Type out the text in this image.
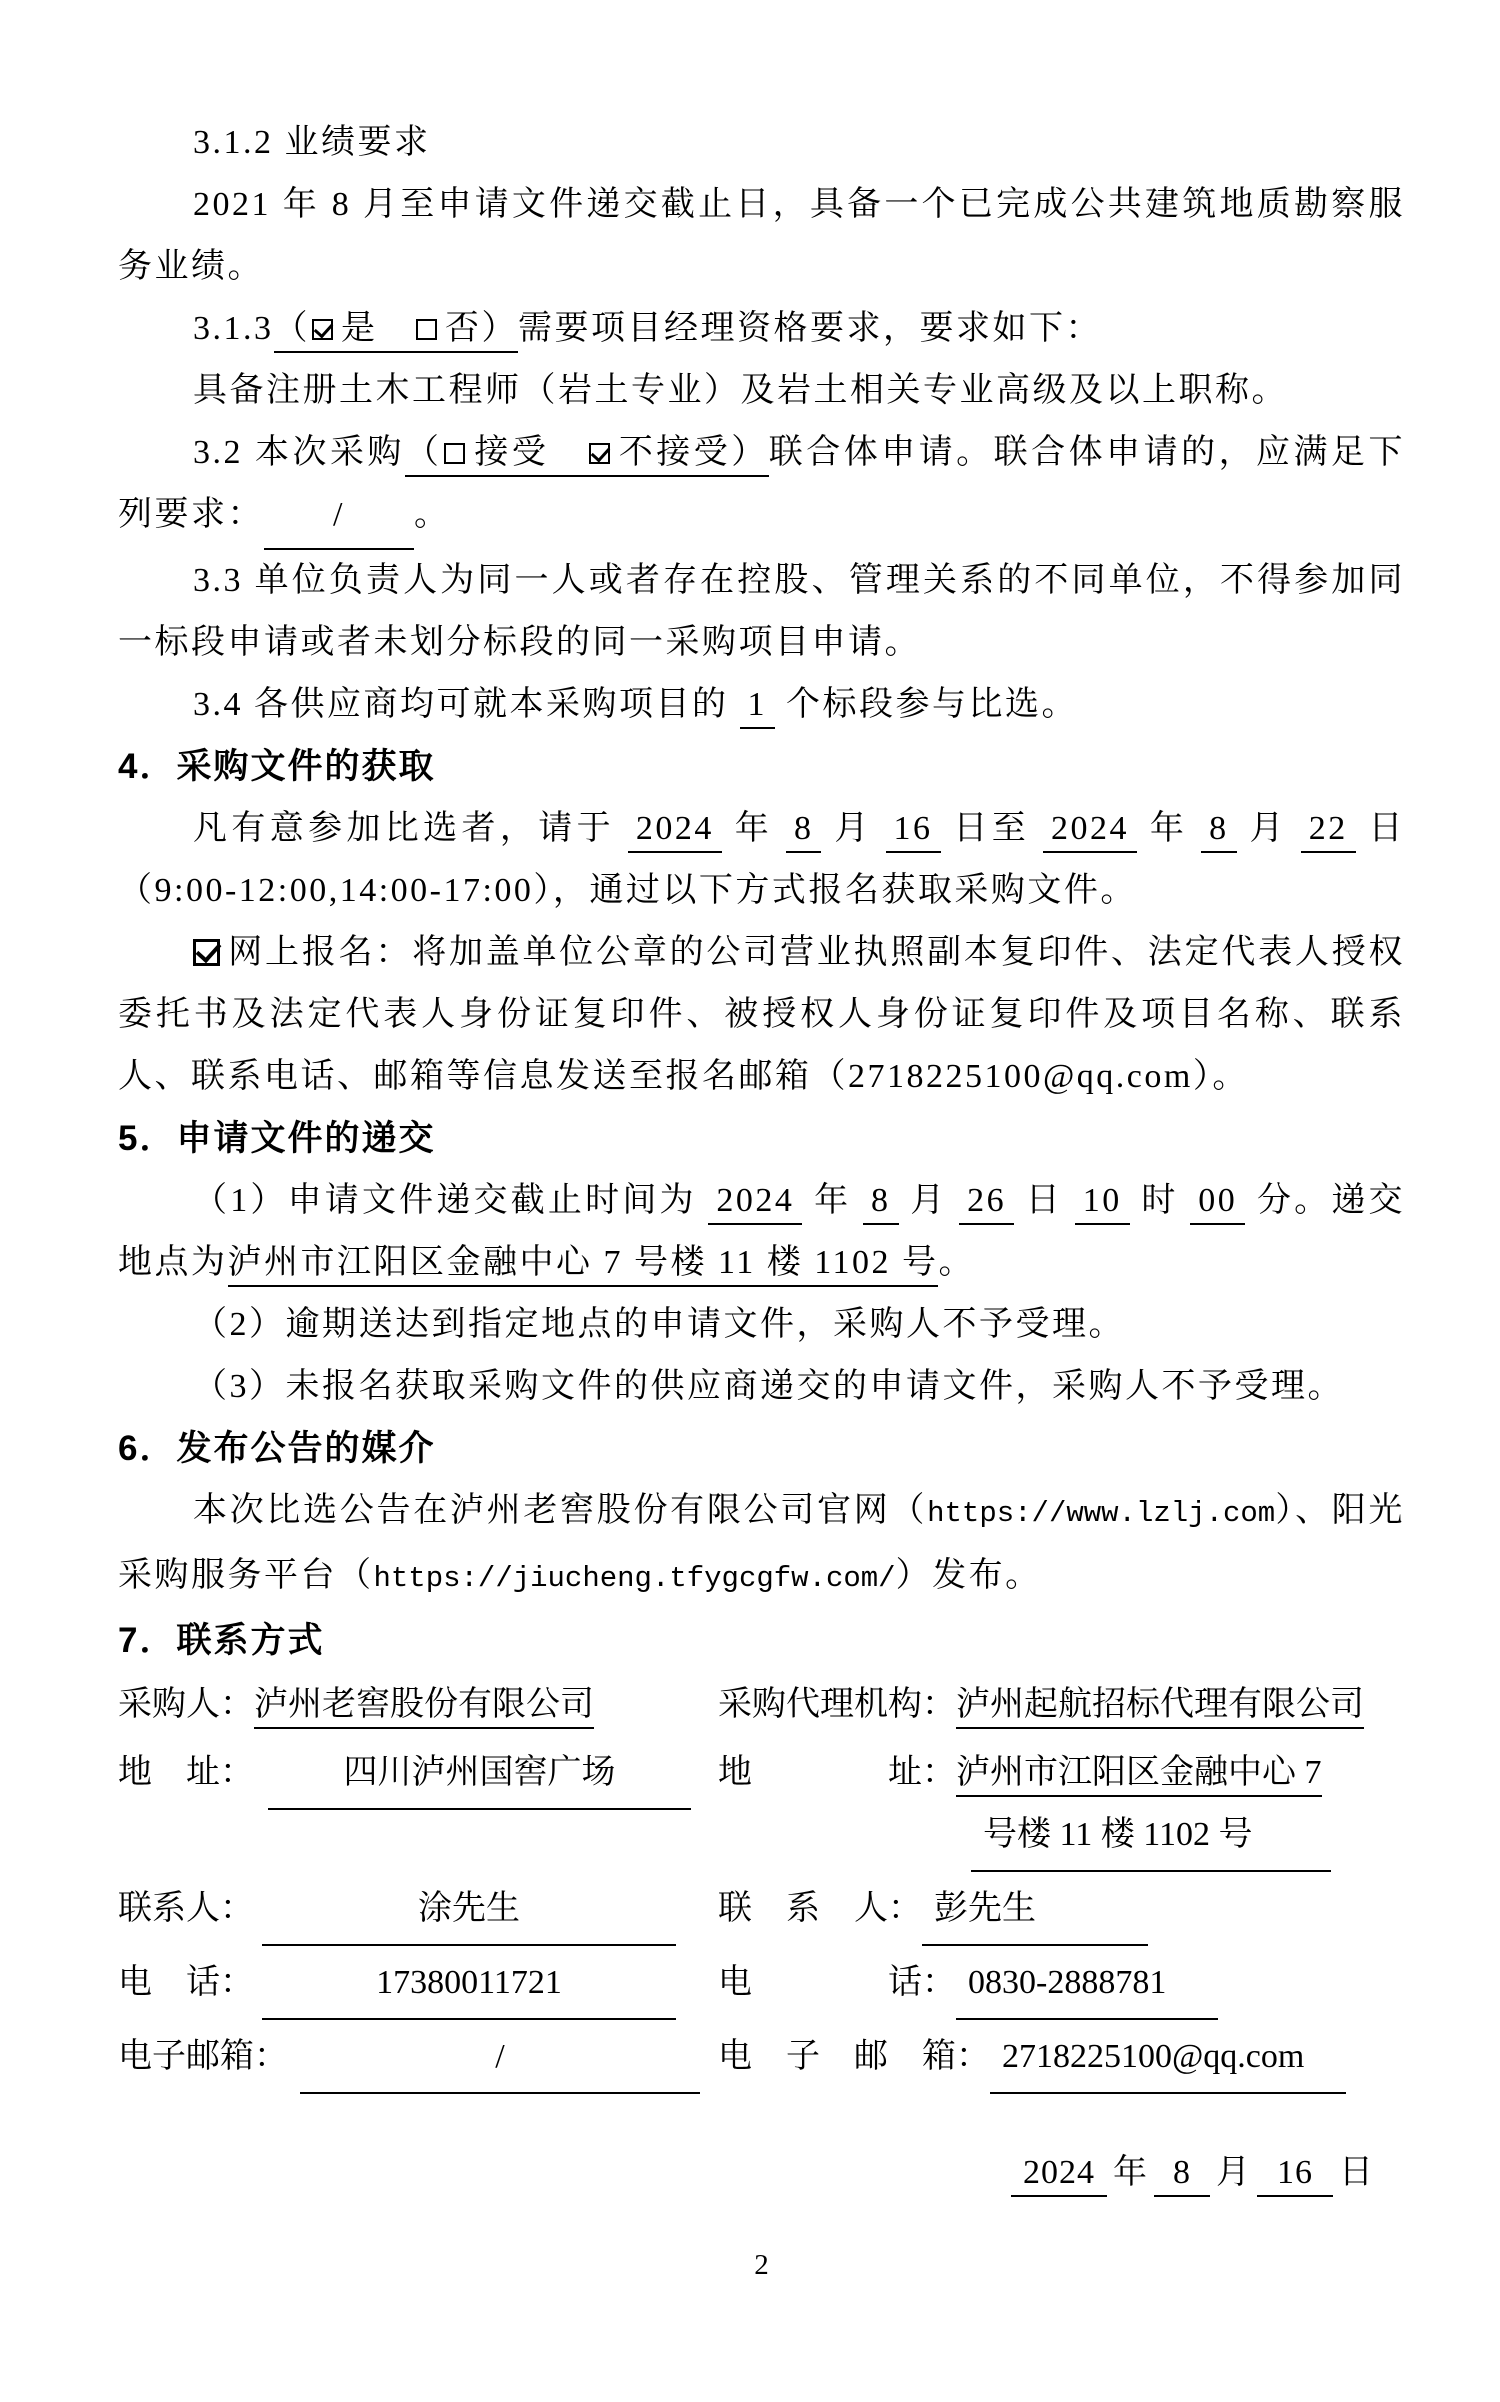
3.1.2 业绩要求
2021 年 8 月至申请文件递交截止日，具备一个已完成公共建筑地质勘察服务业绩。
3.1.3（ 是　 否）需要项目经理资格要求，要求如下：
具备注册土木工程师（岩土专业）及岩土相关专业高级及以上职称。
3.2 本次采购（ 接受　 不接受）联合体申请。联合体申请的，应满足下列要求： / 。
3.3 单位负责人为同一人或者存在控股、管理关系的不同单位，不得参加同一标段申请或者未划分标段的同一采购项目申请。
3.4 各供应商均可就本采购项目的 1 个标段参与比选。
4．采购文件的获取
凡有意参加比选者，请于 2024 年 8 月 16 日至 2024 年 8 月 22 日（9:00-12:00,14:00-17:00），通过以下方式报名获取采购文件。
网上报名：将加盖单位公章的公司营业执照副本复印件、法定代表人授权委托书及法定代表人身份证复印件、被授权人身份证复印件及项目名称、联系人、联系电话、邮箱等信息发送至报名邮箱（2718225100@qq.com）。
5．申请文件的递交
（1）申请文件递交截止时间为 2024 年 8 月 26 日 10 时 00 分。递交地点为泸州市江阳区金融中心 7 号楼 11 楼 1102 号。
（2）逾期送达到指定地点的申请文件，采购人不予受理。
（3）未报名获取采购文件的供应商递交的申请文件，采购人不予受理。
6．发布公告的媒介
本次比选公告在泸州老窖股份有限公司官网（https://www.lzlj.com）、阳光采购服务平台（https://jiucheng.tfygcgfw.com/）发布。
7．联系方式
采购人：泸州老窖股份有限公司	采购代理机构：泸州起航招标代理有限公司
地　址：	四川泸州国窖广场	地　　　　址：泸州市江阳区金融中心 7
号楼 11 楼 1102 号
联系人：	涂先生	联　系　人： 彭先生
电　话：	17380011721	电　　　　话： 0830-2888781
电子邮箱：	/	电　子　邮　箱： 2718225100@qq.com
2024 年 8 月 16 日
2
